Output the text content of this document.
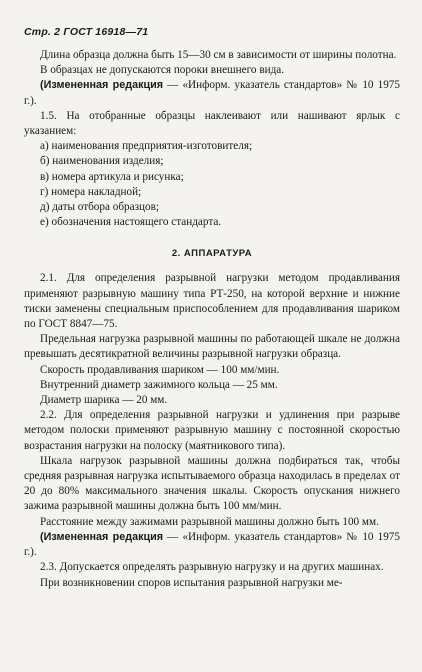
Стр. 2 ГОСТ 16918—71

Длина образца должна быть 15—30 см в зависимости от ширины полотна.

В образцах не допускаются пороки внешнего вида.

(Измененная редакция — «Информ. указатель стандартов» № 10 1975 г.).

1.5. На отобранные образцы наклеивают или нашивают ярлык с указанием:

а) наименования предприятия-изготовителя;

б) наименования изделия;

в) номера артикула и рисунка;

г) номера накладной;

д) даты отбора образцов;

е) обозначения настоящего стандарта.

2. АППАРАТУРА

2.1. Для определения разрывной нагрузки методом продавливания применяют разрывную машину типа РТ-250, на которой верхние и нижние тиски заменены специальным приспособлением для продавливания шариком по ГОСТ 8847—75.

Предельная нагрузка разрывной машины по работающей шкале не должна превышать десятикратной величины разрывной нагрузки образца.

Скорость продавливания шариком — 100 мм/мин.

Внутренний диаметр зажимного кольца — 25 мм.

Диаметр шарика — 20 мм.

2.2. Для определения разрывной нагрузки и удлинения при разрыве методом полоски применяют разрывную машину с постоянной скоростью возрастания нагрузки на полоску (маятникового типа).

Шкала нагрузок разрывной машины должна подбираться так, чтобы средняя разрывная нагрузка испытываемого образца находилась в пределах от 20 до 80% максимального значения шкалы. Скорость опускания нижнего зажима разрывной машины должна быть 100 мм/мин.

Расстояние между зажимами разрывной машины должно быть 100 мм.

(Измененная редакция — «Информ. указатель стандартов» № 10 1975 г.).

2.3. Допускается определять разрывную нагрузку и на других машинах.

При возникновении споров испытания разрывной нагрузки ме-
